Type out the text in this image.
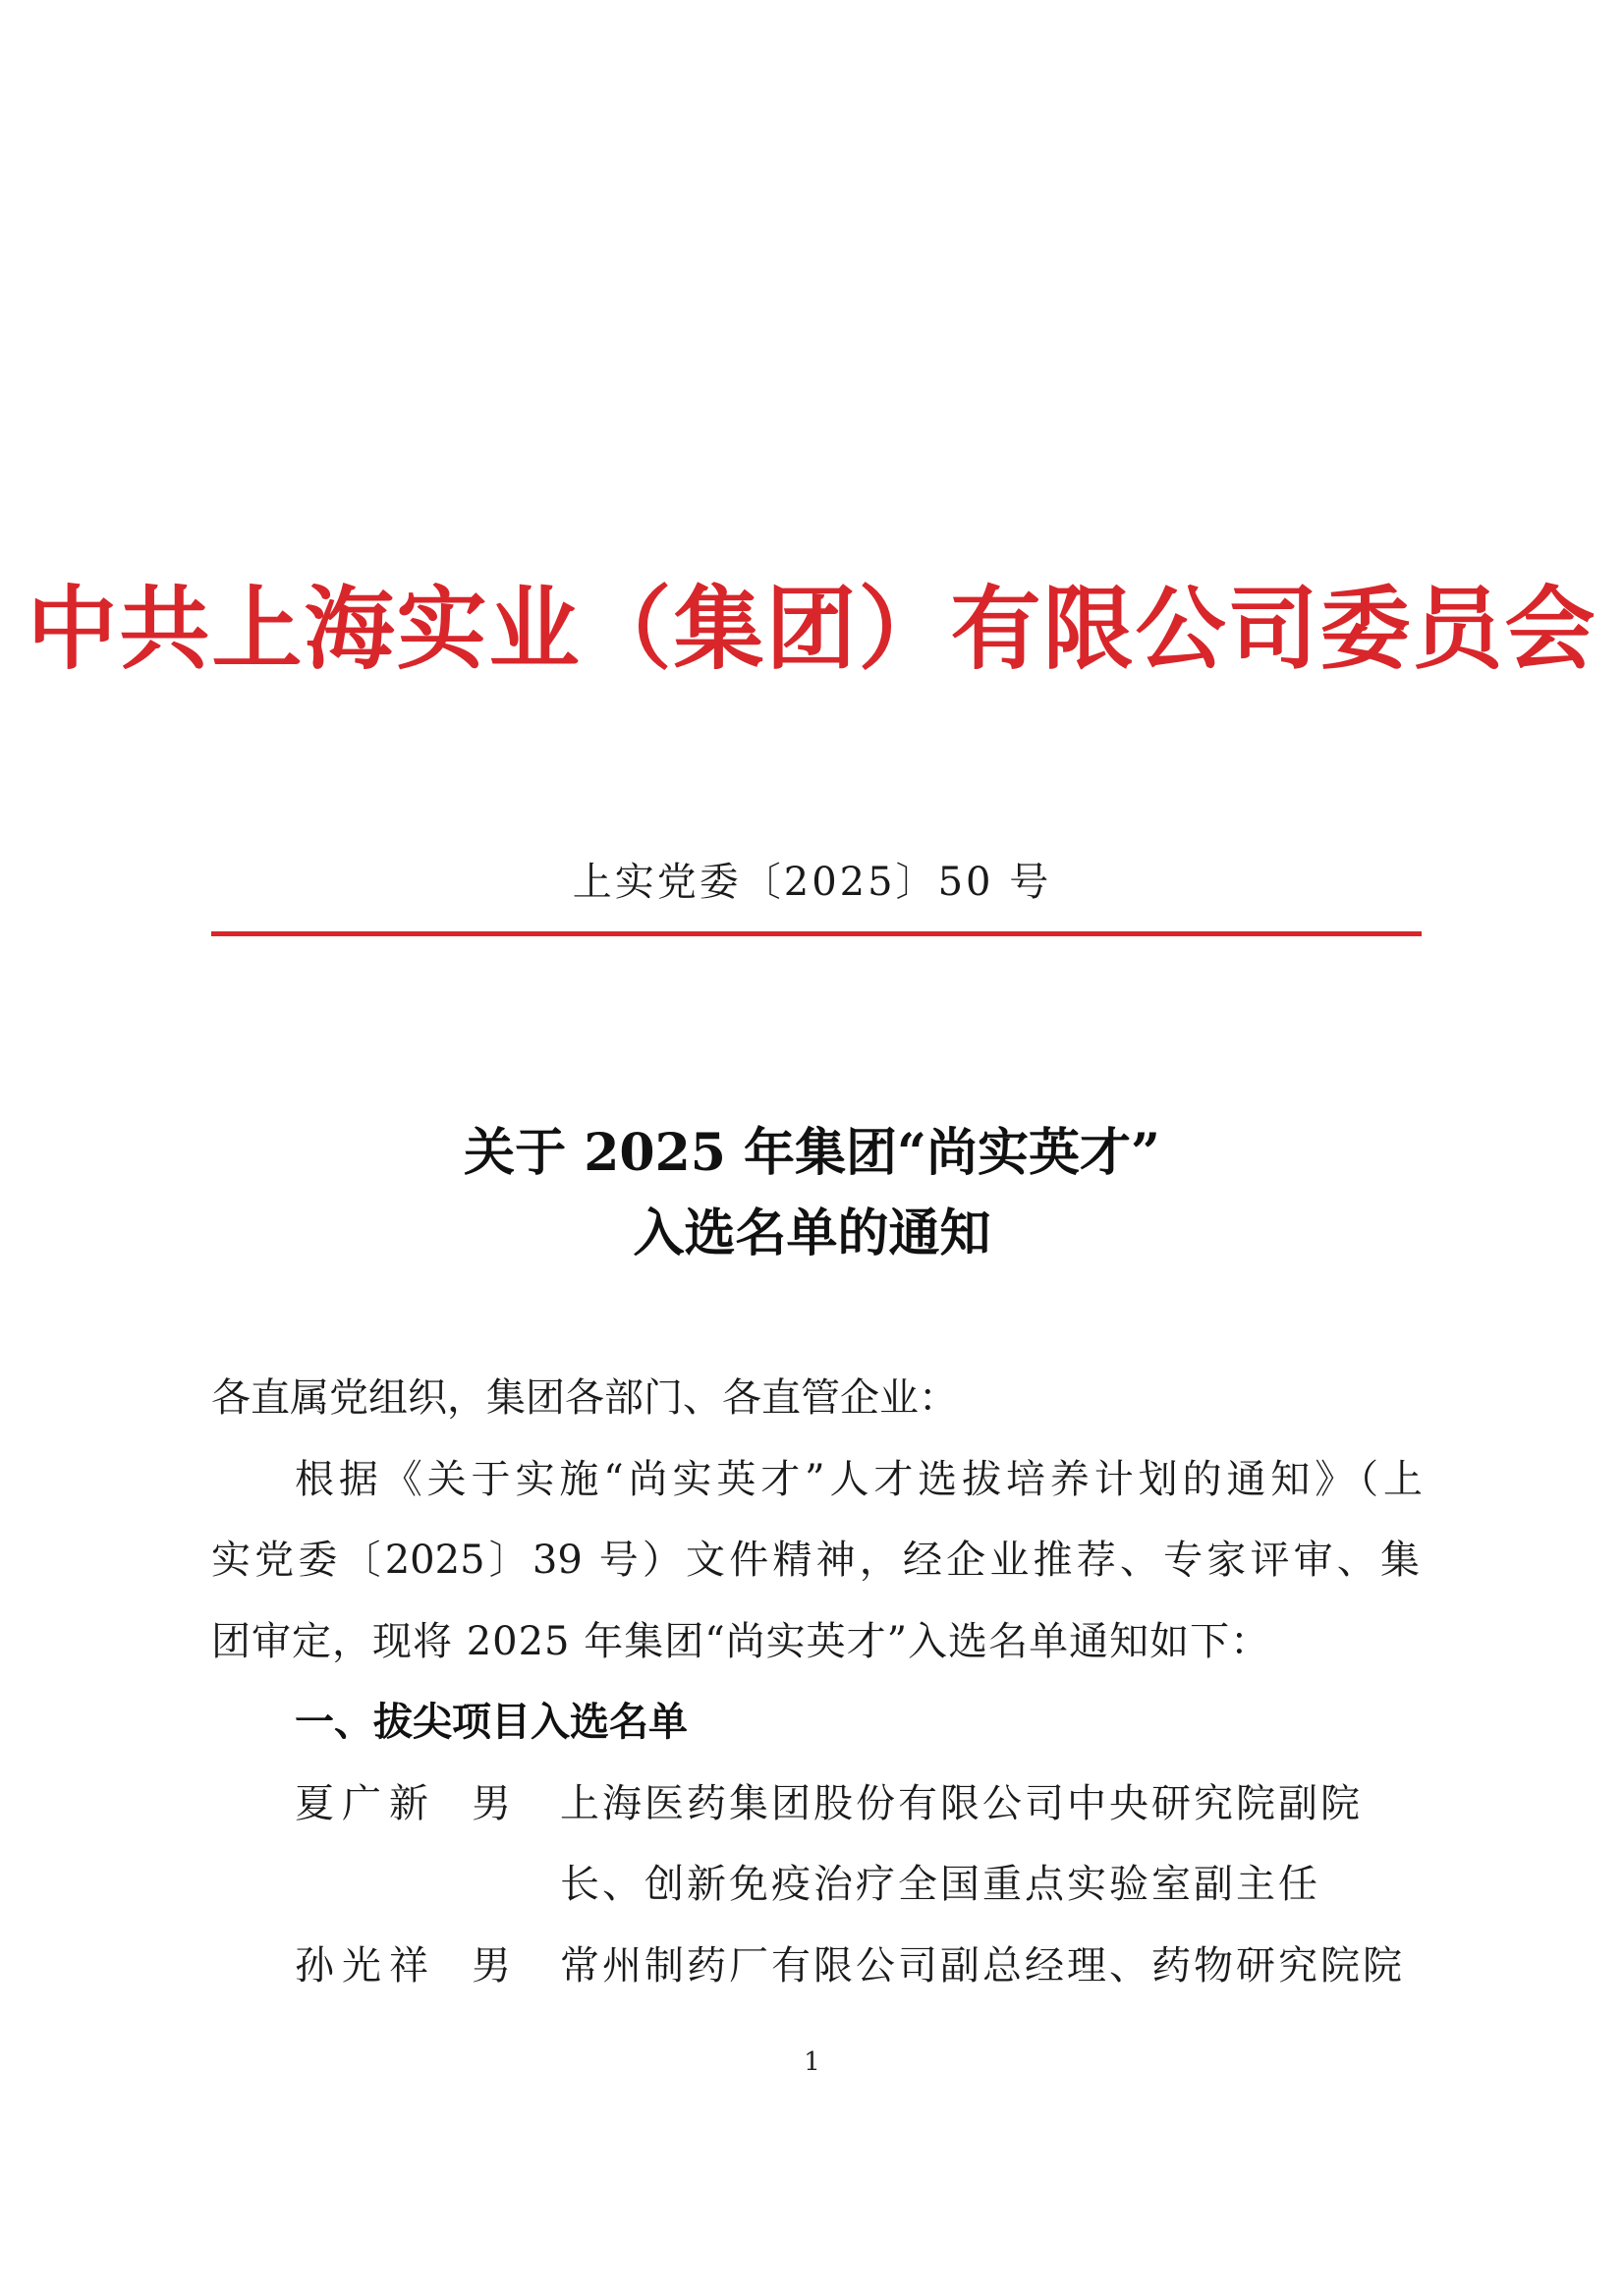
中共上海实业（集团）有限公司委员会
上实党委〔2025〕50 号
关于 2025 年集团“尚实英才”
入选名单的通知
各直属党组织，集团各部门、各直管企业：
根据《关于实施“尚实英才”人才选拔培养计划的通知》（上
实党委〔2025〕39 号）文件精神，经企业推荐、专家评审、集
团审定，现将 2025 年集团“尚实英才”入选名单通知如下：
一、拔尖项目入选名单
夏广新 男 上海医药集团股份有限公司中央研究院副院
长、创新免疫治疗全国重点实验室副主任
孙光祥 男 常州制药厂有限公司副总经理、药物研究院院
1
